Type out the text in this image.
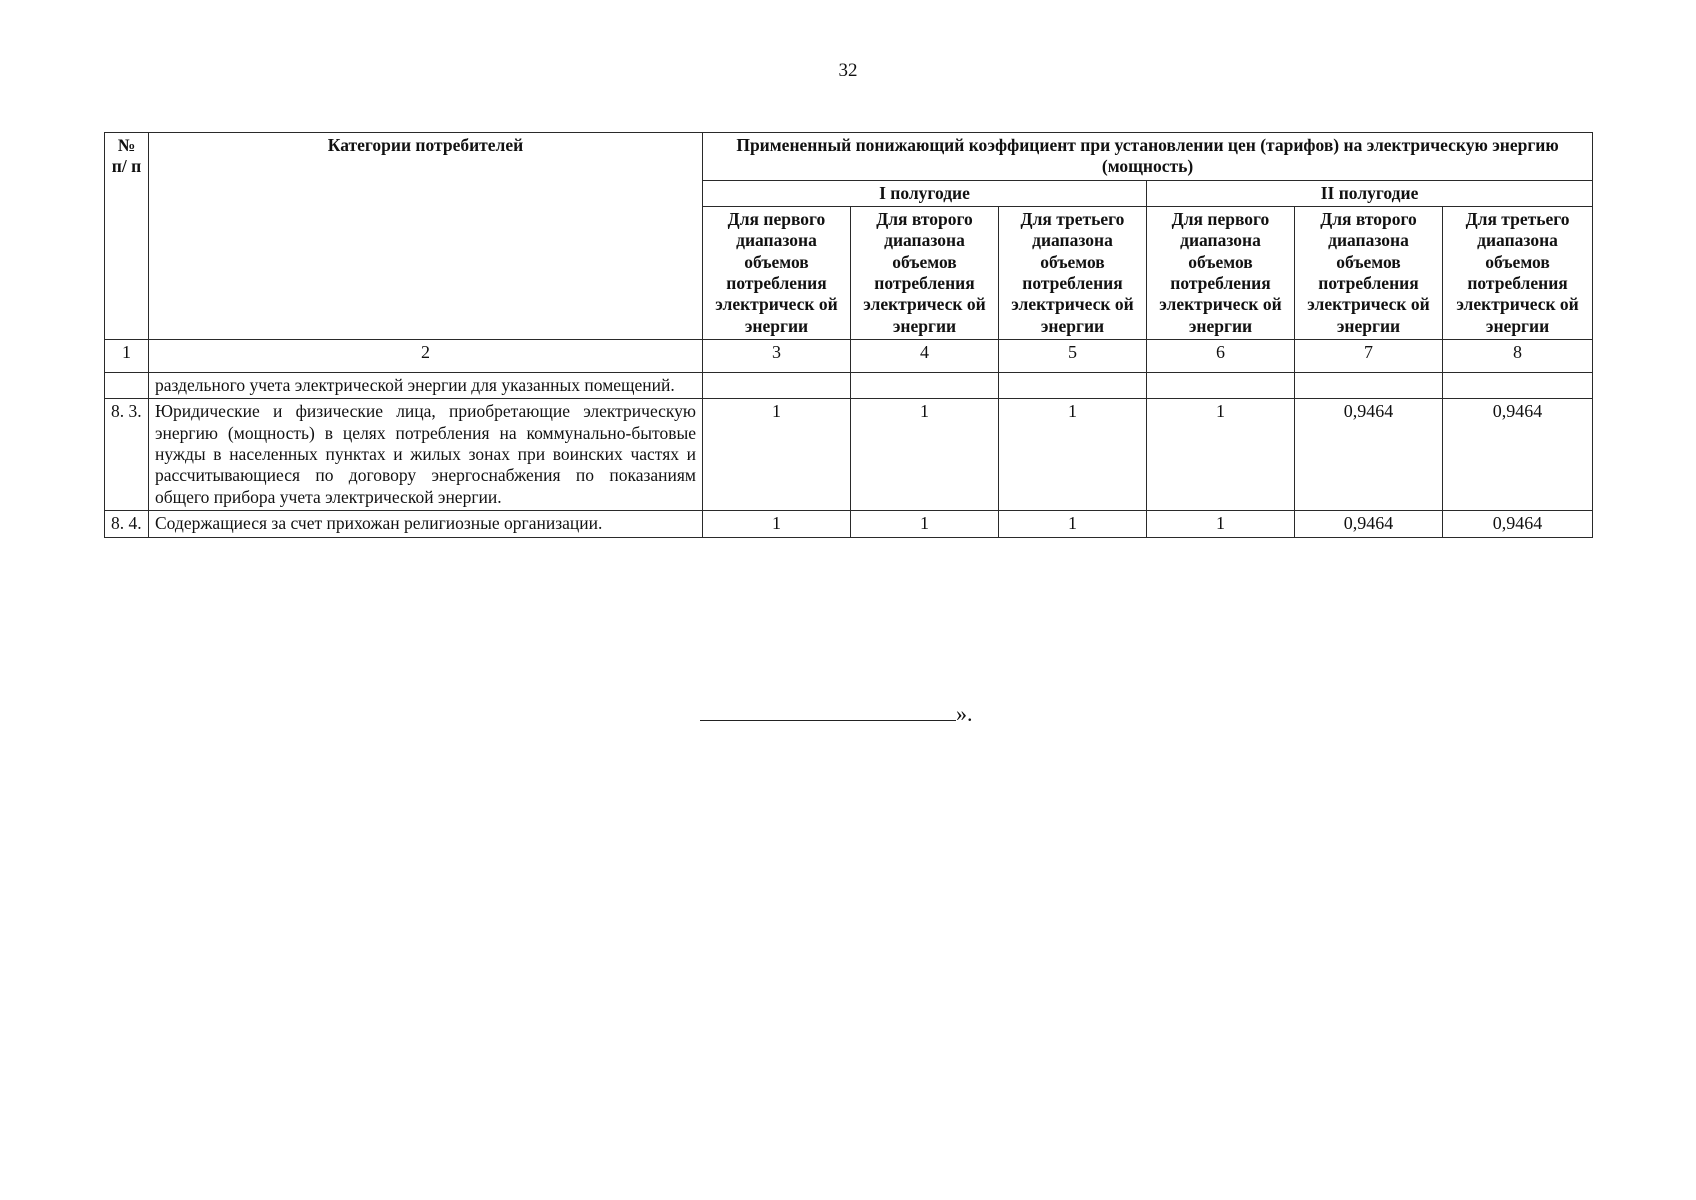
32
№ п/ п	Категории потребителей	Примененный понижающий коэффициент при установлении цен (тарифов) на электрическую энергию (мощность)					
		I полугодие			II полугодие		
		Для первого диапазона объемов потребления электрическ ой энергии	Для второго диапазона объемов потребления электрическ ой энергии	Для третьего диапазона объемов потребления электрическ ой энергии	Для первого диапазона объемов потребления электрическ ой энергии	Для второго диапазона объемов потребления электрическ ой энергии	Для третьего диапазона объемов потребления электрическ ой энергии
1	2	3	4	5	6	7	8
	раздельного учета электрической энергии для указанных помещений.						
8. 3.	Юридические и физические лица, приобретающие электрическую энергию (мощность) в целях потребления на коммунально-бытовые нужды в населенных пунктах и жилых зонах при воинских частях и рассчитывающиеся по договору энергоснабжения по показаниям общего прибора учета электрической энергии.	1	1	1	1	0,9464	0,9464
8. 4.	Содержащиеся за счет прихожан религиозные организации.	1	1	1	1	0,9464	0,9464
».
